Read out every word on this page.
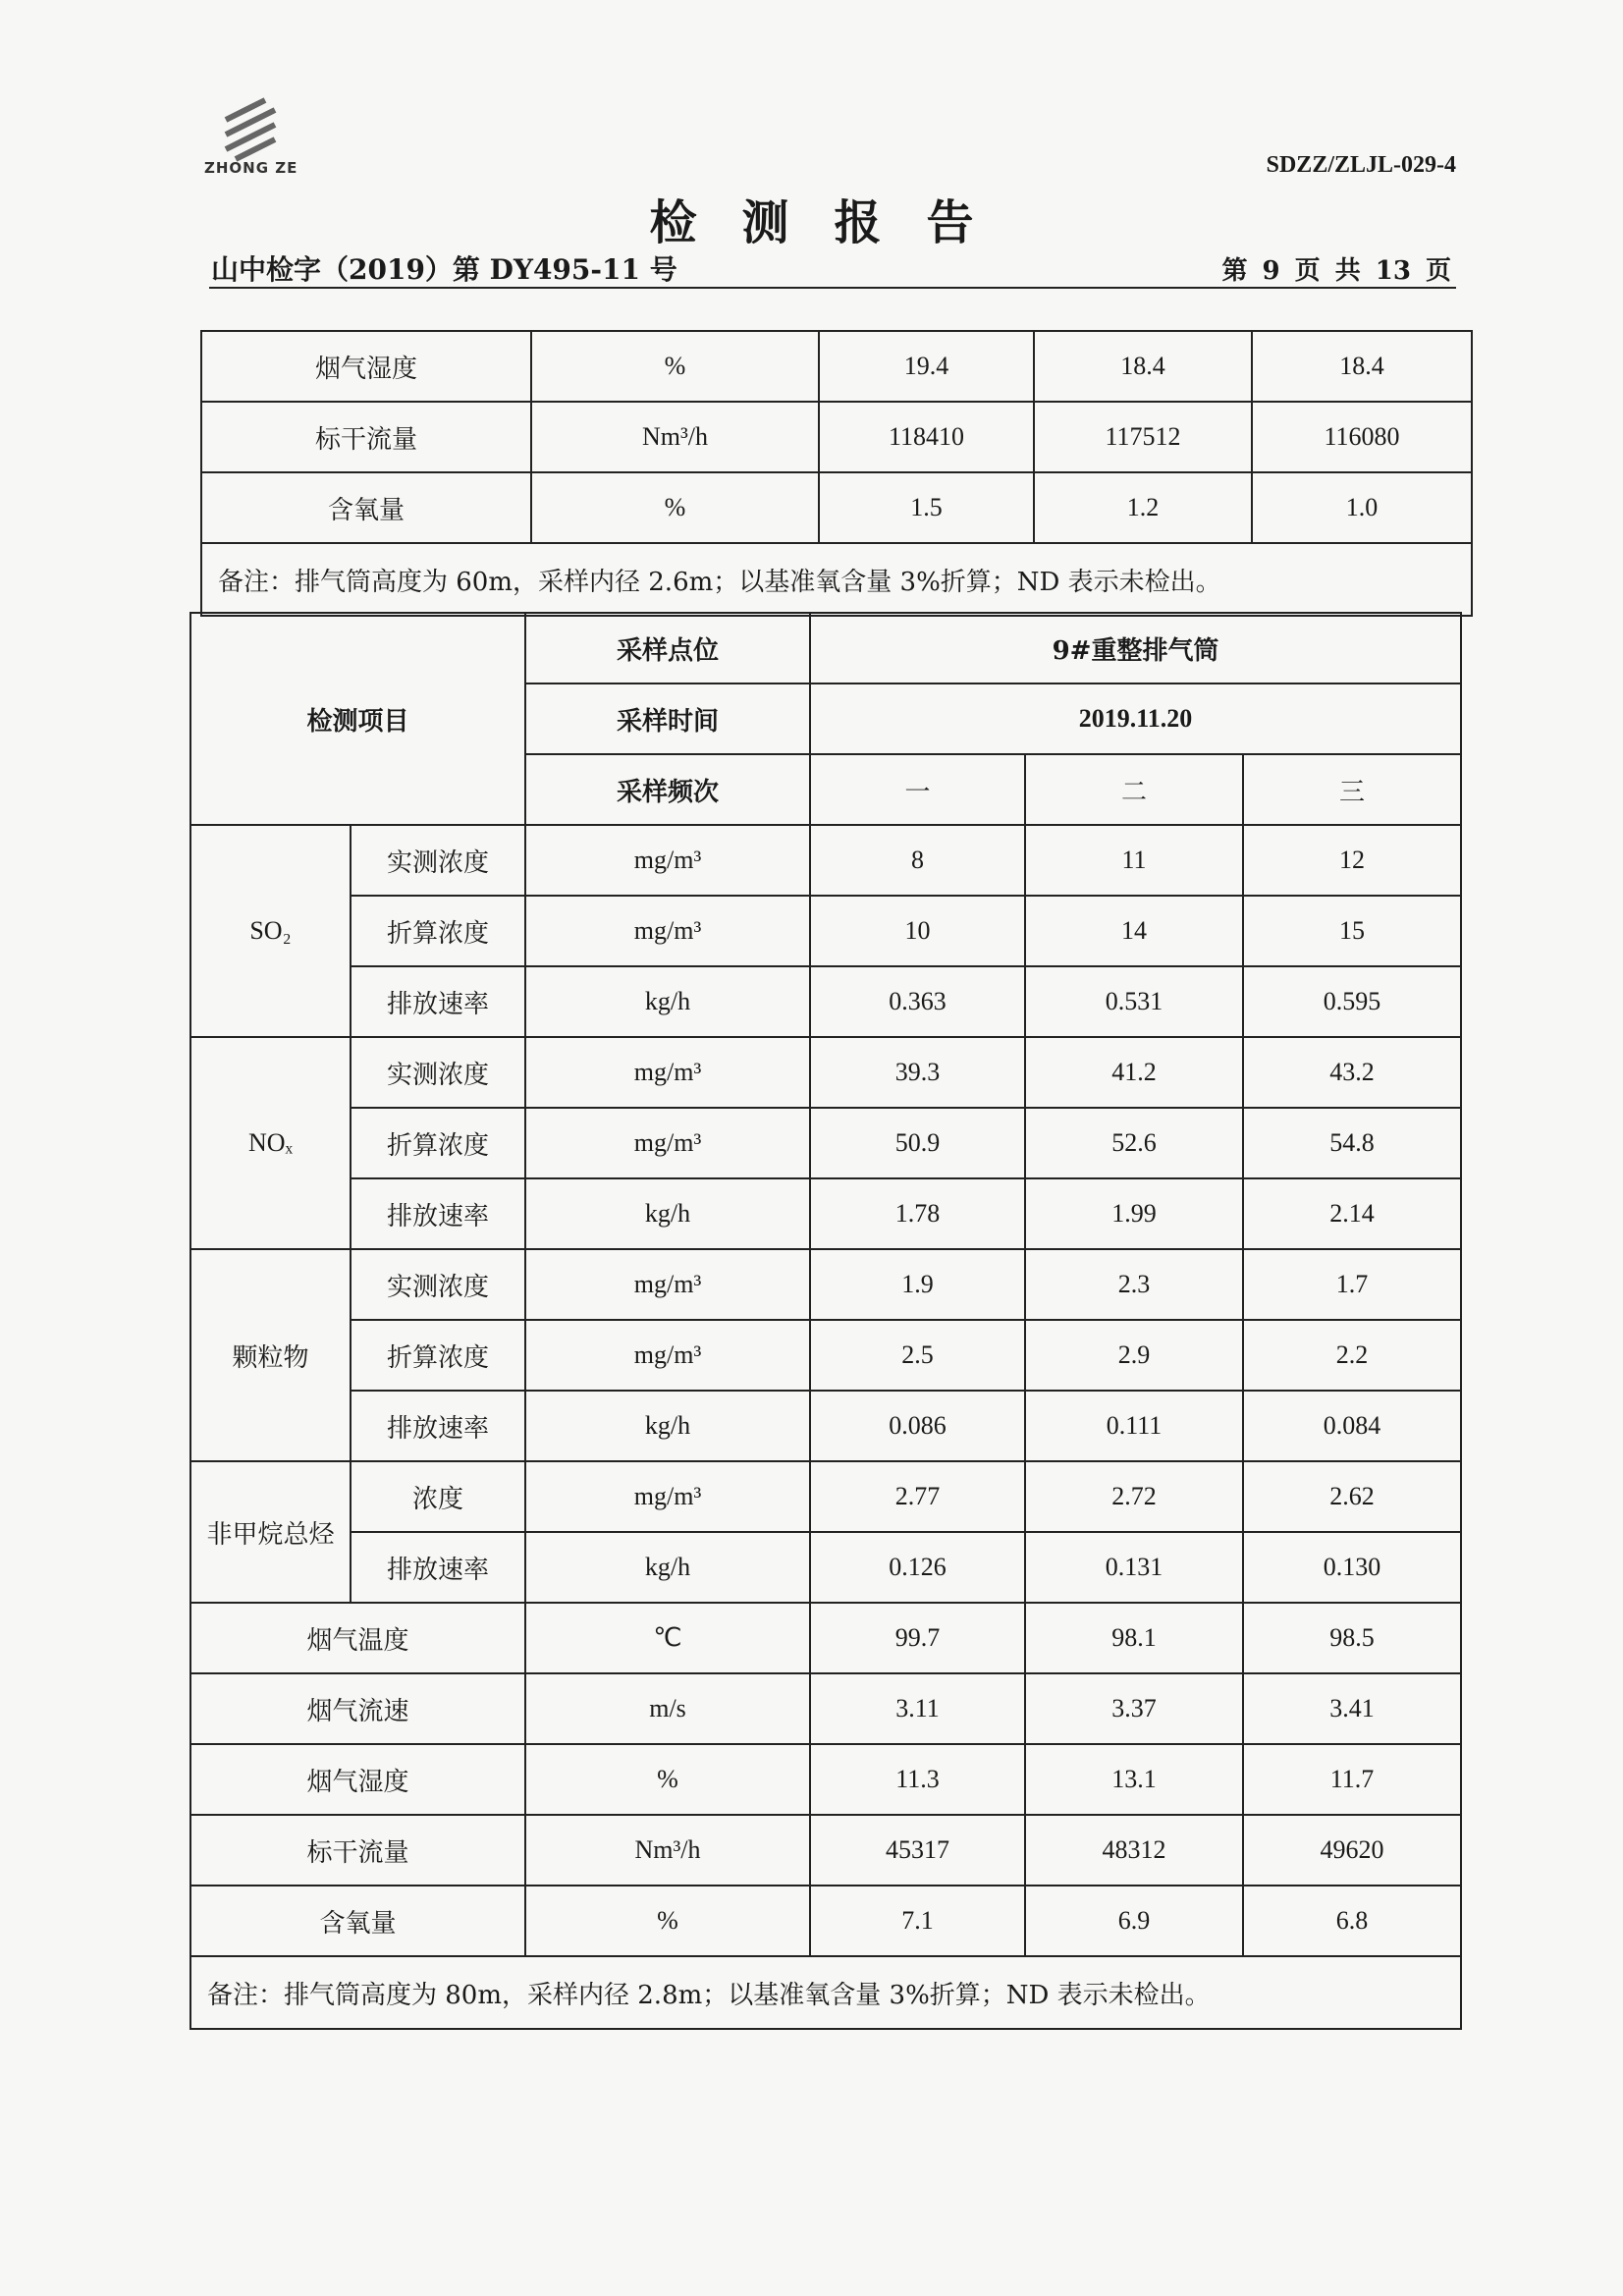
ZHONG ZE	SDZZ/ZLJL-029-4
检测报告
山中检字（2019）第 DY495-11 号	第 9 页 共 13 页
烟气湿度	%	19.4	18.4	18.4
标干流量	Nm³/h	118410	117512	116080
含氧量	%	1.5	1.2	1.0
备注：排气筒高度为 60m，采样内径 2.6m；以基准氧含量 3%折算；ND 表示未检出。				
检测项目		采样点位	9#重整排气筒		
		采样时间	2019.11.20		
		采样频次	一	二	三
SO₂	实测浓度	mg/m³	8	11	12
	折算浓度	mg/m³	10	14	15
	排放速率	kg/h	0.363	0.531	0.595
NOₓ	实测浓度	mg/m³	39.3	41.2	43.2
	折算浓度	mg/m³	50.9	52.6	54.8
	排放速率	kg/h	1.78	1.99	2.14
颗粒物	实测浓度	mg/m³	1.9	2.3	1.7
	折算浓度	mg/m³	2.5	2.9	2.2
	排放速率	kg/h	0.086	0.111	0.084
非甲烷总烃	浓度	mg/m³	2.77	2.72	2.62
	排放速率	kg/h	0.126	0.131	0.130
烟气温度		℃	99.7	98.1	98.5
烟气流速		m/s	3.11	3.37	3.41
烟气湿度		%	11.3	13.1	11.7
标干流量		Nm³/h	45317	48312	49620
含氧量		%	7.1	6.9	6.8
备注：排气筒高度为 80m，采样内径 2.8m；以基准氧含量 3%折算；ND 表示未检出。					
